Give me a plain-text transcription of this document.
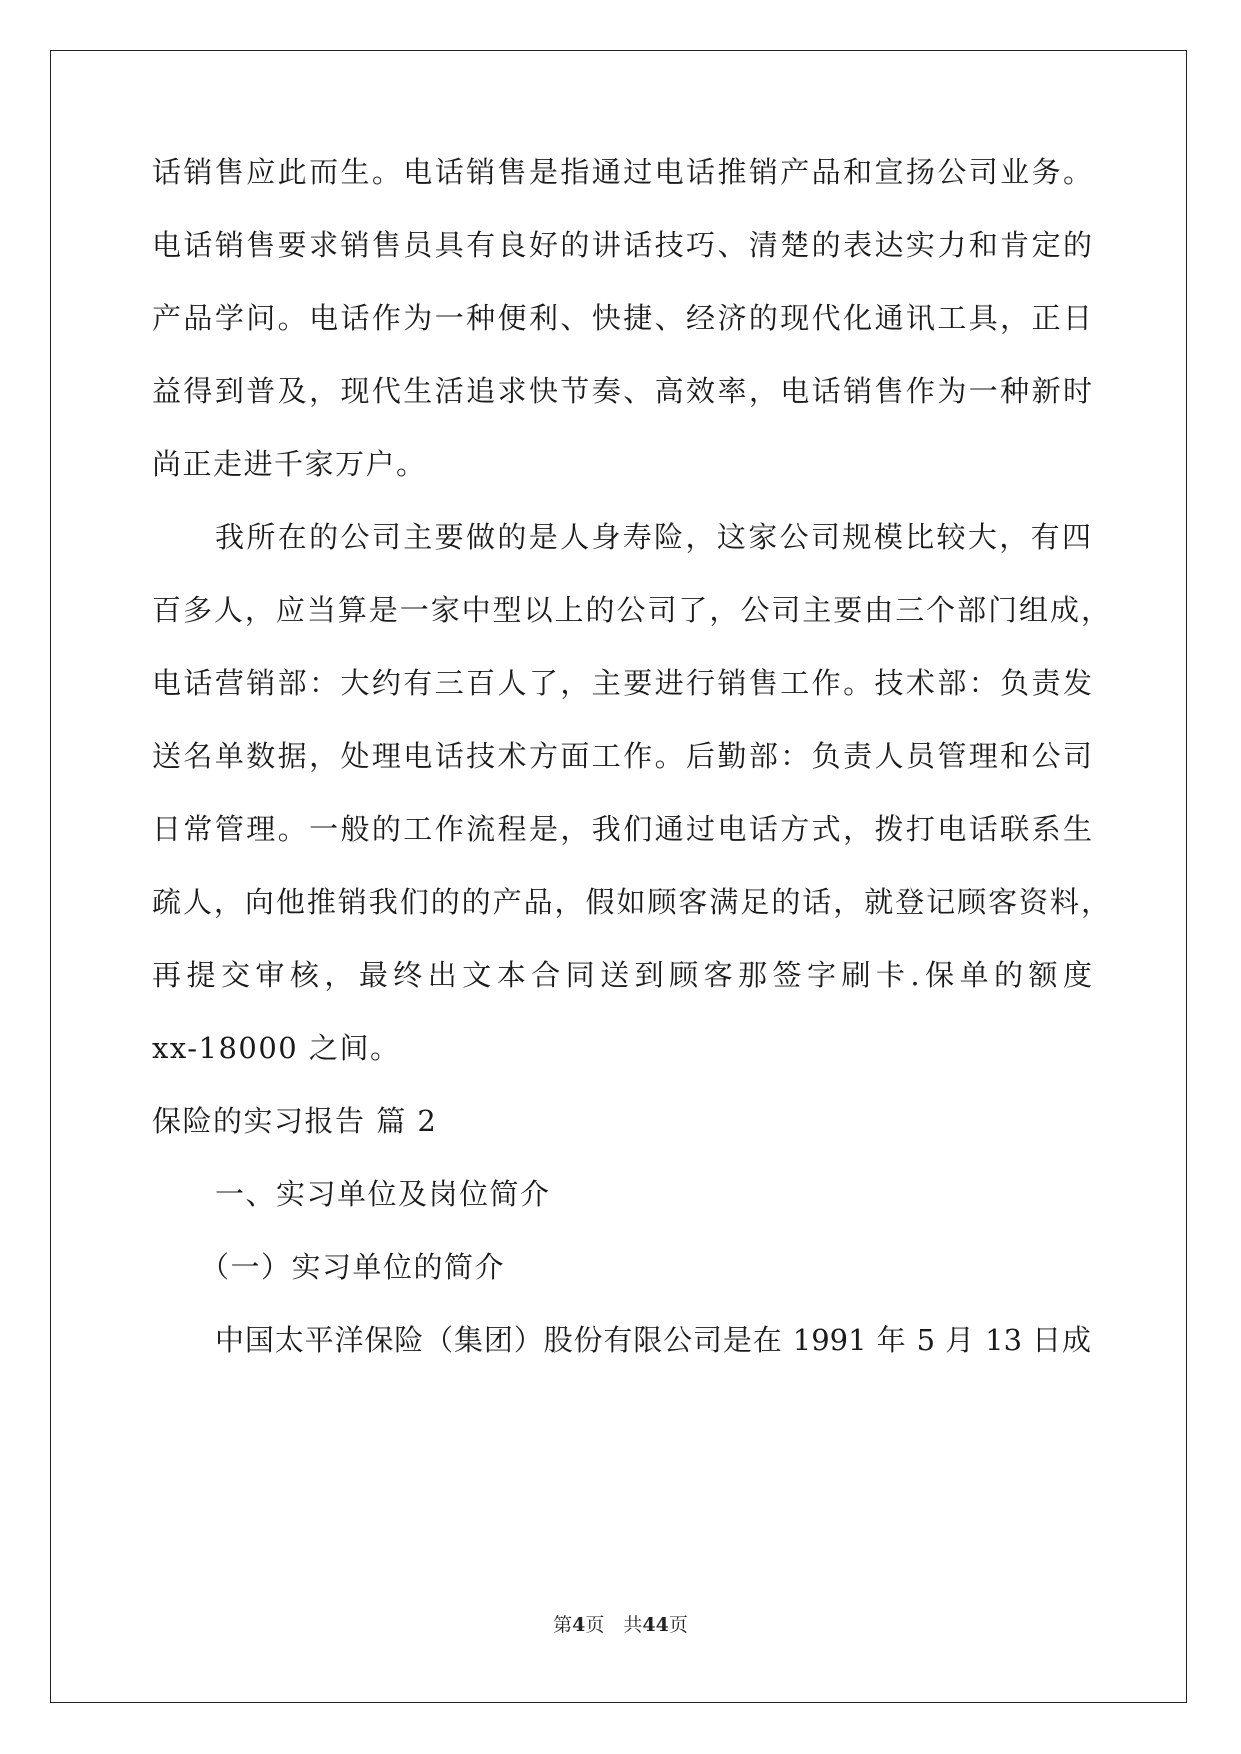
话销售应此而生。电话销售是指通过电话推销产品和宣扬公司业务。

电话销售要求销售员具有良好的讲话技巧、清楚的表达实力和肯定的

产品学问。电话作为一种便利、快捷、经济的现代化通讯工具，正日

益得到普及，现代生活追求快节奏、高效率，电话销售作为一种新时

尚正走进千家万户。

我所在的公司主要做的是人身寿险，这家公司规模比较大，有四

百多人，应当算是一家中型以上的公司了，公司主要由三个部门组成，

电话营销部：大约有三百人了，主要进行销售工作。技术部：负责发

送名单数据，处理电话技术方面工作。后勤部：负责人员管理和公司

日常管理。一般的工作流程是，我们通过电话方式，拨打电话联系生

疏人，向他推销我们的的产品，假如顾客满足的话，就登记顾客资料，

再提交审核，最终出文本合同送到顾客那签字刷卡.保单的额度

xx-18000 之间。

保险的实习报告 篇 2

一、实习单位及岗位简介

（一）实习单位的简介

中国太平洋保险（集团）股份有限公司是在 1991 年 5 月 13 日成

第4页　共44页
